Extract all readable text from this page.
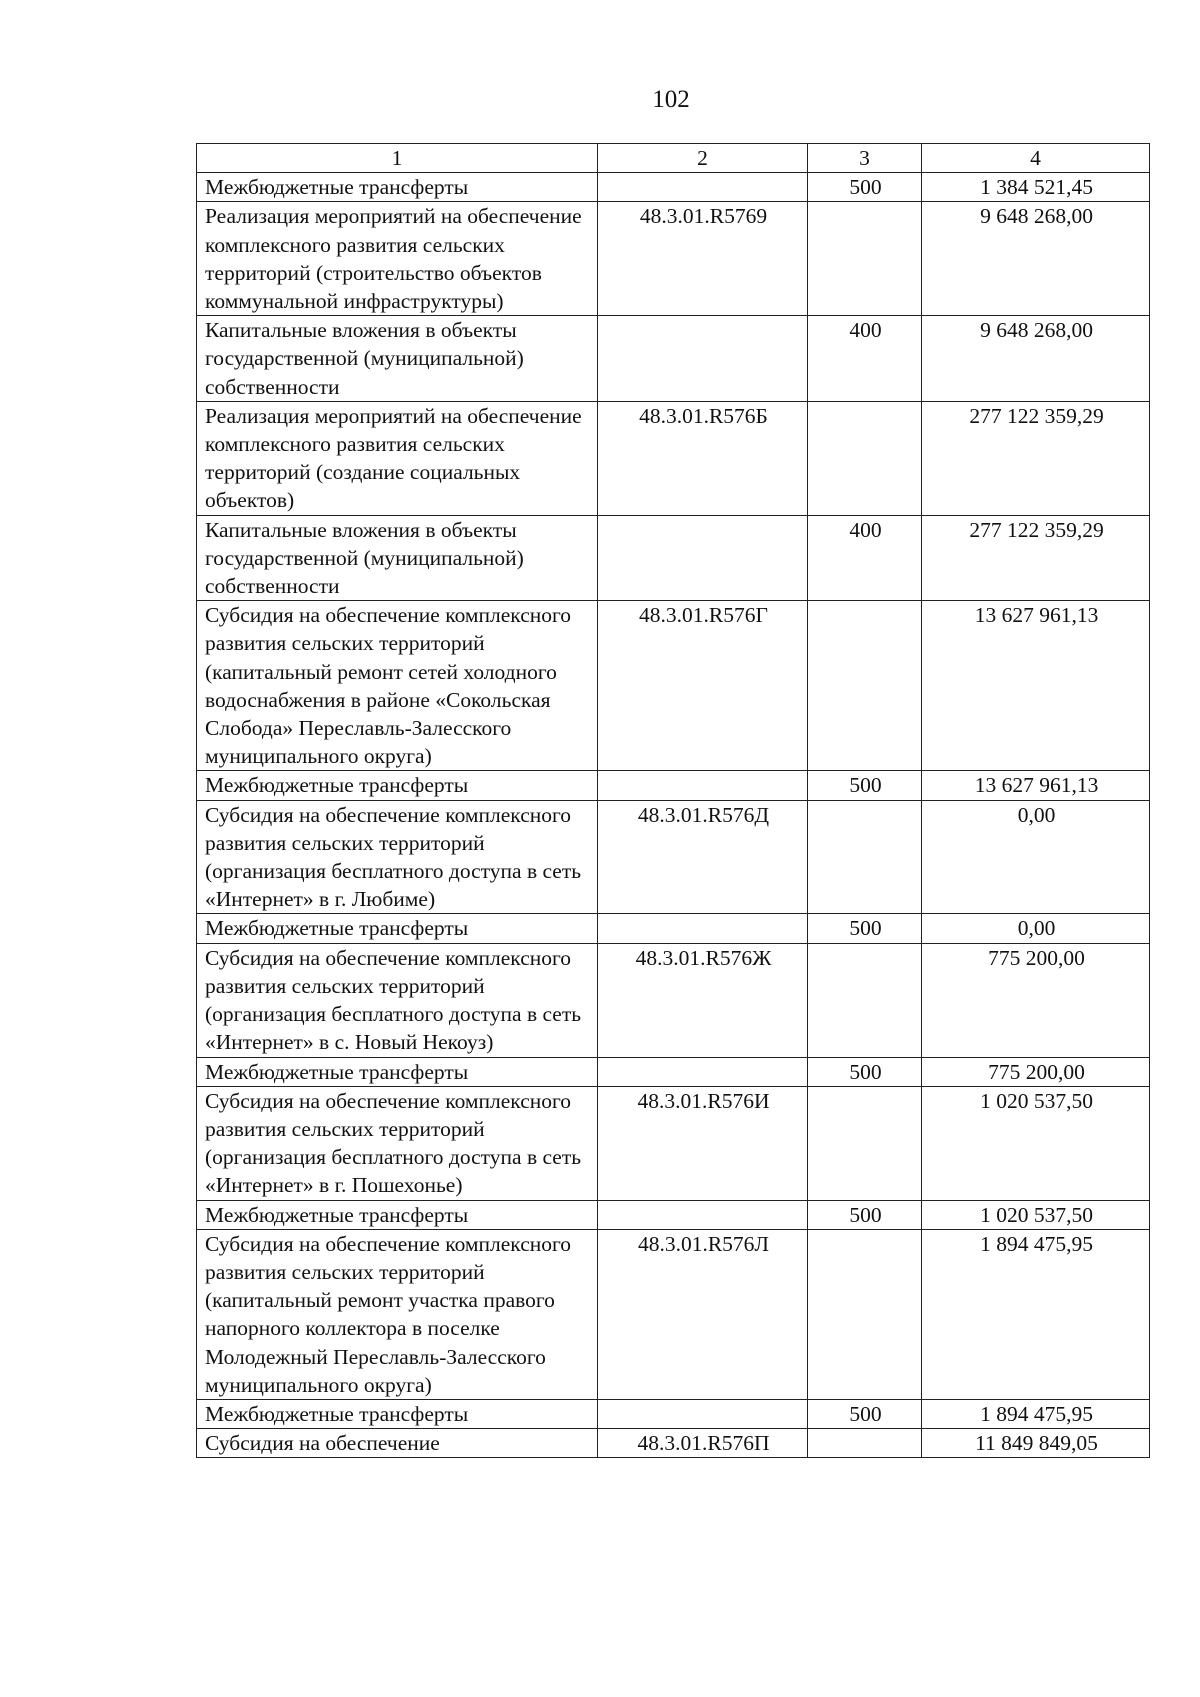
102
1	2	3	4
Межбюджетные трансферты		500	1 384 521,45
Реализация мероприятий на обеспечение комплексного развития сельских территорий (строительство объектов коммунальной инфраструктуры)	48.3.01.R5769		9 648 268,00
Капитальные вложения в объекты государственной (муниципальной) собственности		400	9 648 268,00
Реализация мероприятий на обеспечение комплексного развития сельских территорий (создание социальных объектов)	48.3.01.R576Б		277 122 359,29
Капитальные вложения в объекты государственной (муниципальной) собственности		400	277 122 359,29
Субсидия на обеспечение комплексного развития сельских территорий (капитальный ремонт сетей холодного водоснабжения в районе «Сокольская Слобода» Переславль-Залесского муниципального округа)	48.3.01.R576Г		13 627 961,13
Межбюджетные трансферты		500	13 627 961,13
Субсидия на обеспечение комплексного развития сельских территорий (организация бесплатного доступа в сеть «Интернет» в г. Любиме)	48.3.01.R576Д		0,00
Межбюджетные трансферты		500	0,00
Субсидия на обеспечение комплексного развития сельских территорий (организация бесплатного доступа в сеть «Интернет» в с. Новый Некоуз)	48.3.01.R576Ж		775 200,00
Межбюджетные трансферты		500	775 200,00
Субсидия на обеспечение комплексного развития сельских территорий (организация бесплатного доступа в сеть «Интернет» в г. Пошехонье)	48.3.01.R576И		1 020 537,50
Межбюджетные трансферты		500	1 020 537,50
Субсидия на обеспечение комплексного развития сельских территорий (капитальный ремонт участка правого напорного коллектора в поселке Молодежный Переславль-Залесского муниципального округа)	48.3.01.R576Л		1 894 475,95
Межбюджетные трансферты		500	1 894 475,95
Субсидия на обеспечение	48.3.01.R576П		11 849 849,05
